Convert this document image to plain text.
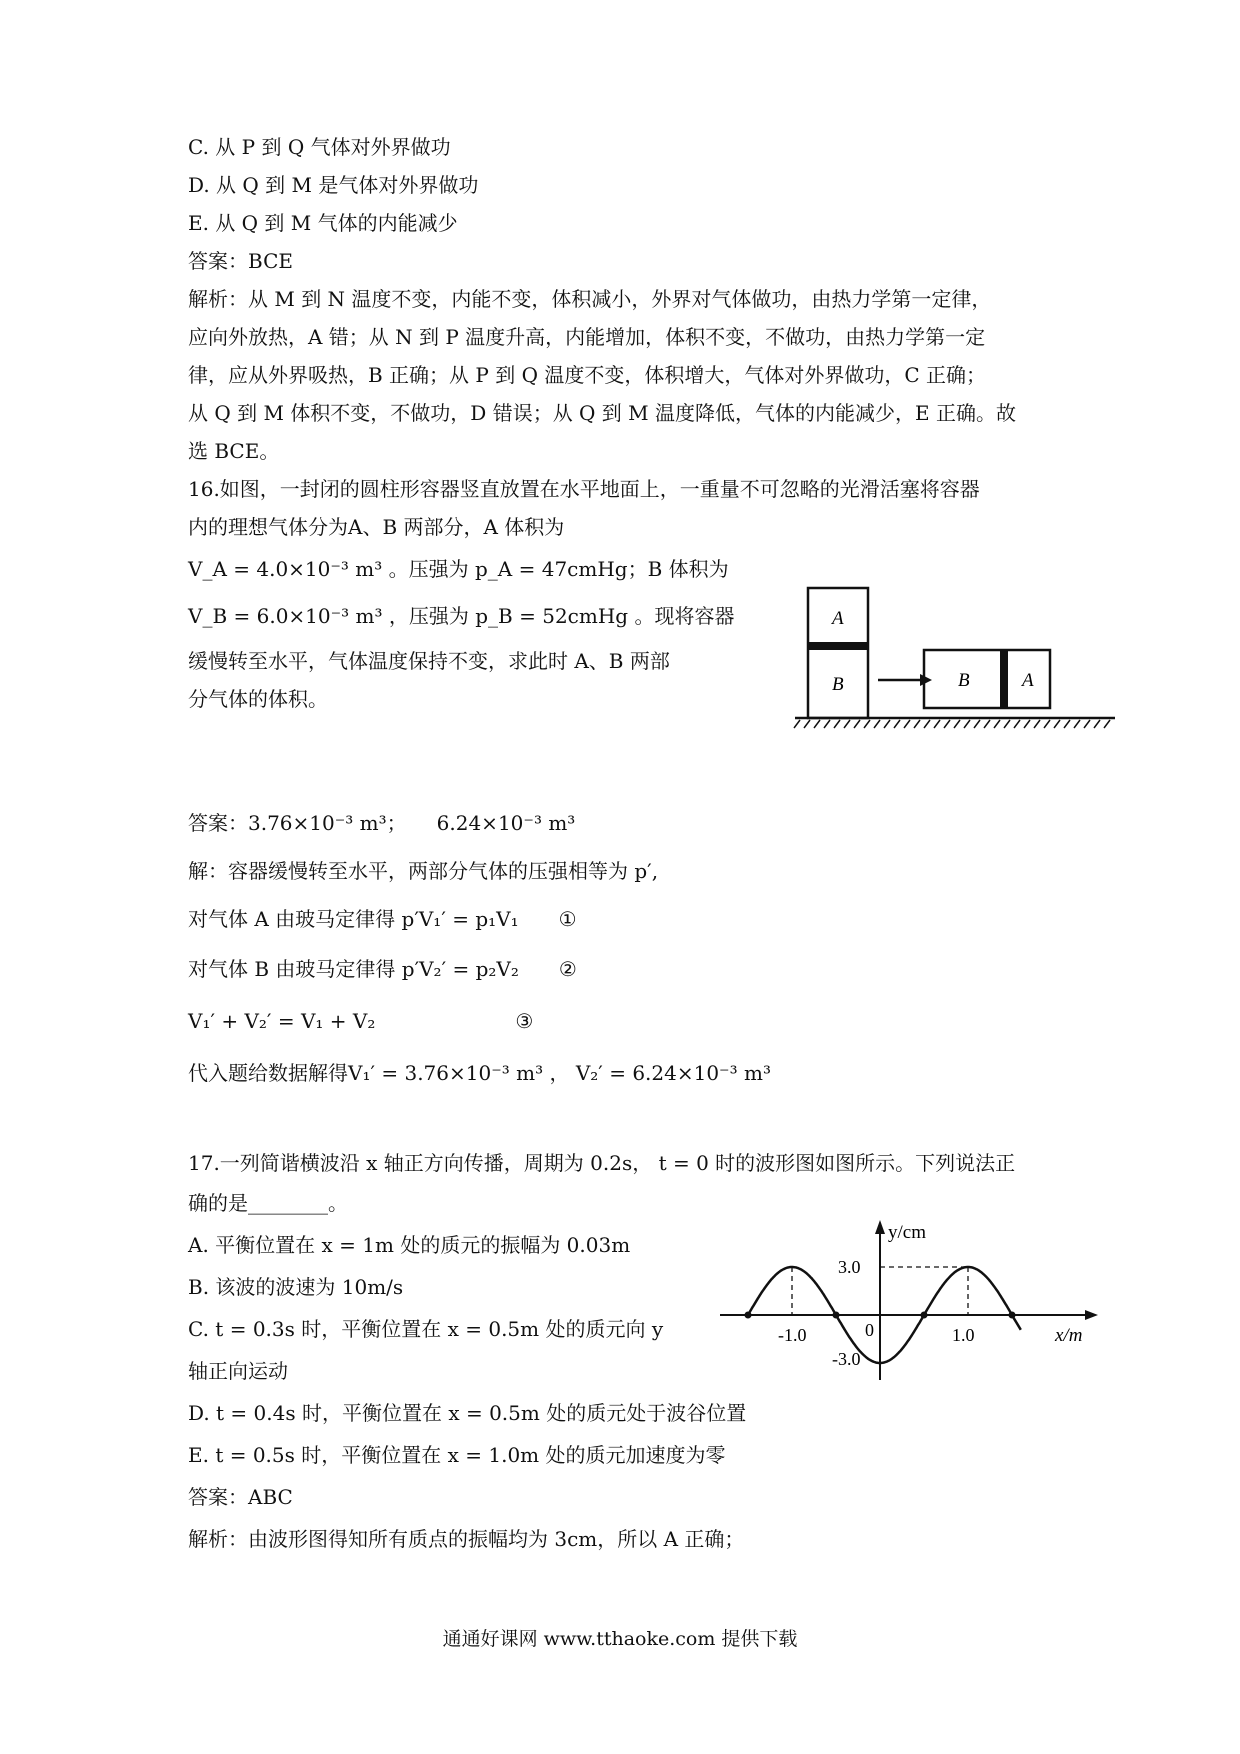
C. 从 P 到 Q 气体对外界做功
D. 从 Q 到 M 是气体对外界做功
E. 从 Q 到 M 气体的内能减少
答案：BCE
解析：从 M 到 N 温度不变，内能不变，体积减小，外界对气体做功，由热力学第一定律，
应向外放热，A 错；从 N 到 P 温度升高，内能增加，体积不变，不做功，由热力学第一定
律，应从外界吸热，B 正确；从 P 到 Q 温度不变，体积增大，气体对外界做功，C 正确；
从 Q 到 M 体积不变，不做功，D 错误；从 Q 到 M 温度降低，气体的内能减少，E 正确。故
选 BCE。
16.如图，一封闭的圆柱形容器竖直放置在水平地面上，一重量不可忽略的光滑活塞将容器
内的理想气体分为A、B 两部分，A 体积为
V_A = 4.0×10⁻³ m³ 。压强为 p_A = 47cmHg；B 体积为
V_B = 6.0×10⁻³ m³ ，压强为 p_B = 52cmHg 。现将容器
缓慢转至水平，气体温度保持不变，求此时 A、B 两部
分气体的体积。
A
B	B	A
答案：3.76×10⁻³ m³；　　6.24×10⁻³ m³
解：容器缓慢转至水平，两部分气体的压强相等为 p′,
对气体 A 由玻马定律得 p′V₁′ = p₁V₁ ①
对气体 B 由玻马定律得 p′V₂′ = p₂V₂ ②
V₁′ + V₂′ = V₁ + V₂	③
代入题给数据解得V₁′ = 3.76×10⁻³ m³ ， V₂′ = 6.24×10⁻³ m³
17.一列简谐横波沿 x 轴正方向传播，周期为 0.2s， t = 0 时的波形图如图所示。下列说法正
确的是________。
A. 平衡位置在 x = 1m 处的质元的振幅为 0.03m
B. 该波的波速为 10m/s
C. t = 0.3s 时，平衡位置在 x = 0.5m 处的质元向 y
轴正向运动
D. t = 0.4s 时，平衡位置在 x = 0.5m 处的质元处于波谷位置
E. t = 0.5s 时，平衡位置在 x = 1.0m 处的质元加速度为零
答案：ABC
解析：由波形图得知所有质点的振幅均为 3cm，所以 A 正确；
y/cm
3.0
-3.0
-1.0	1.0
0	x/m
通通好课网 www.tthaoke.com 提供下载
